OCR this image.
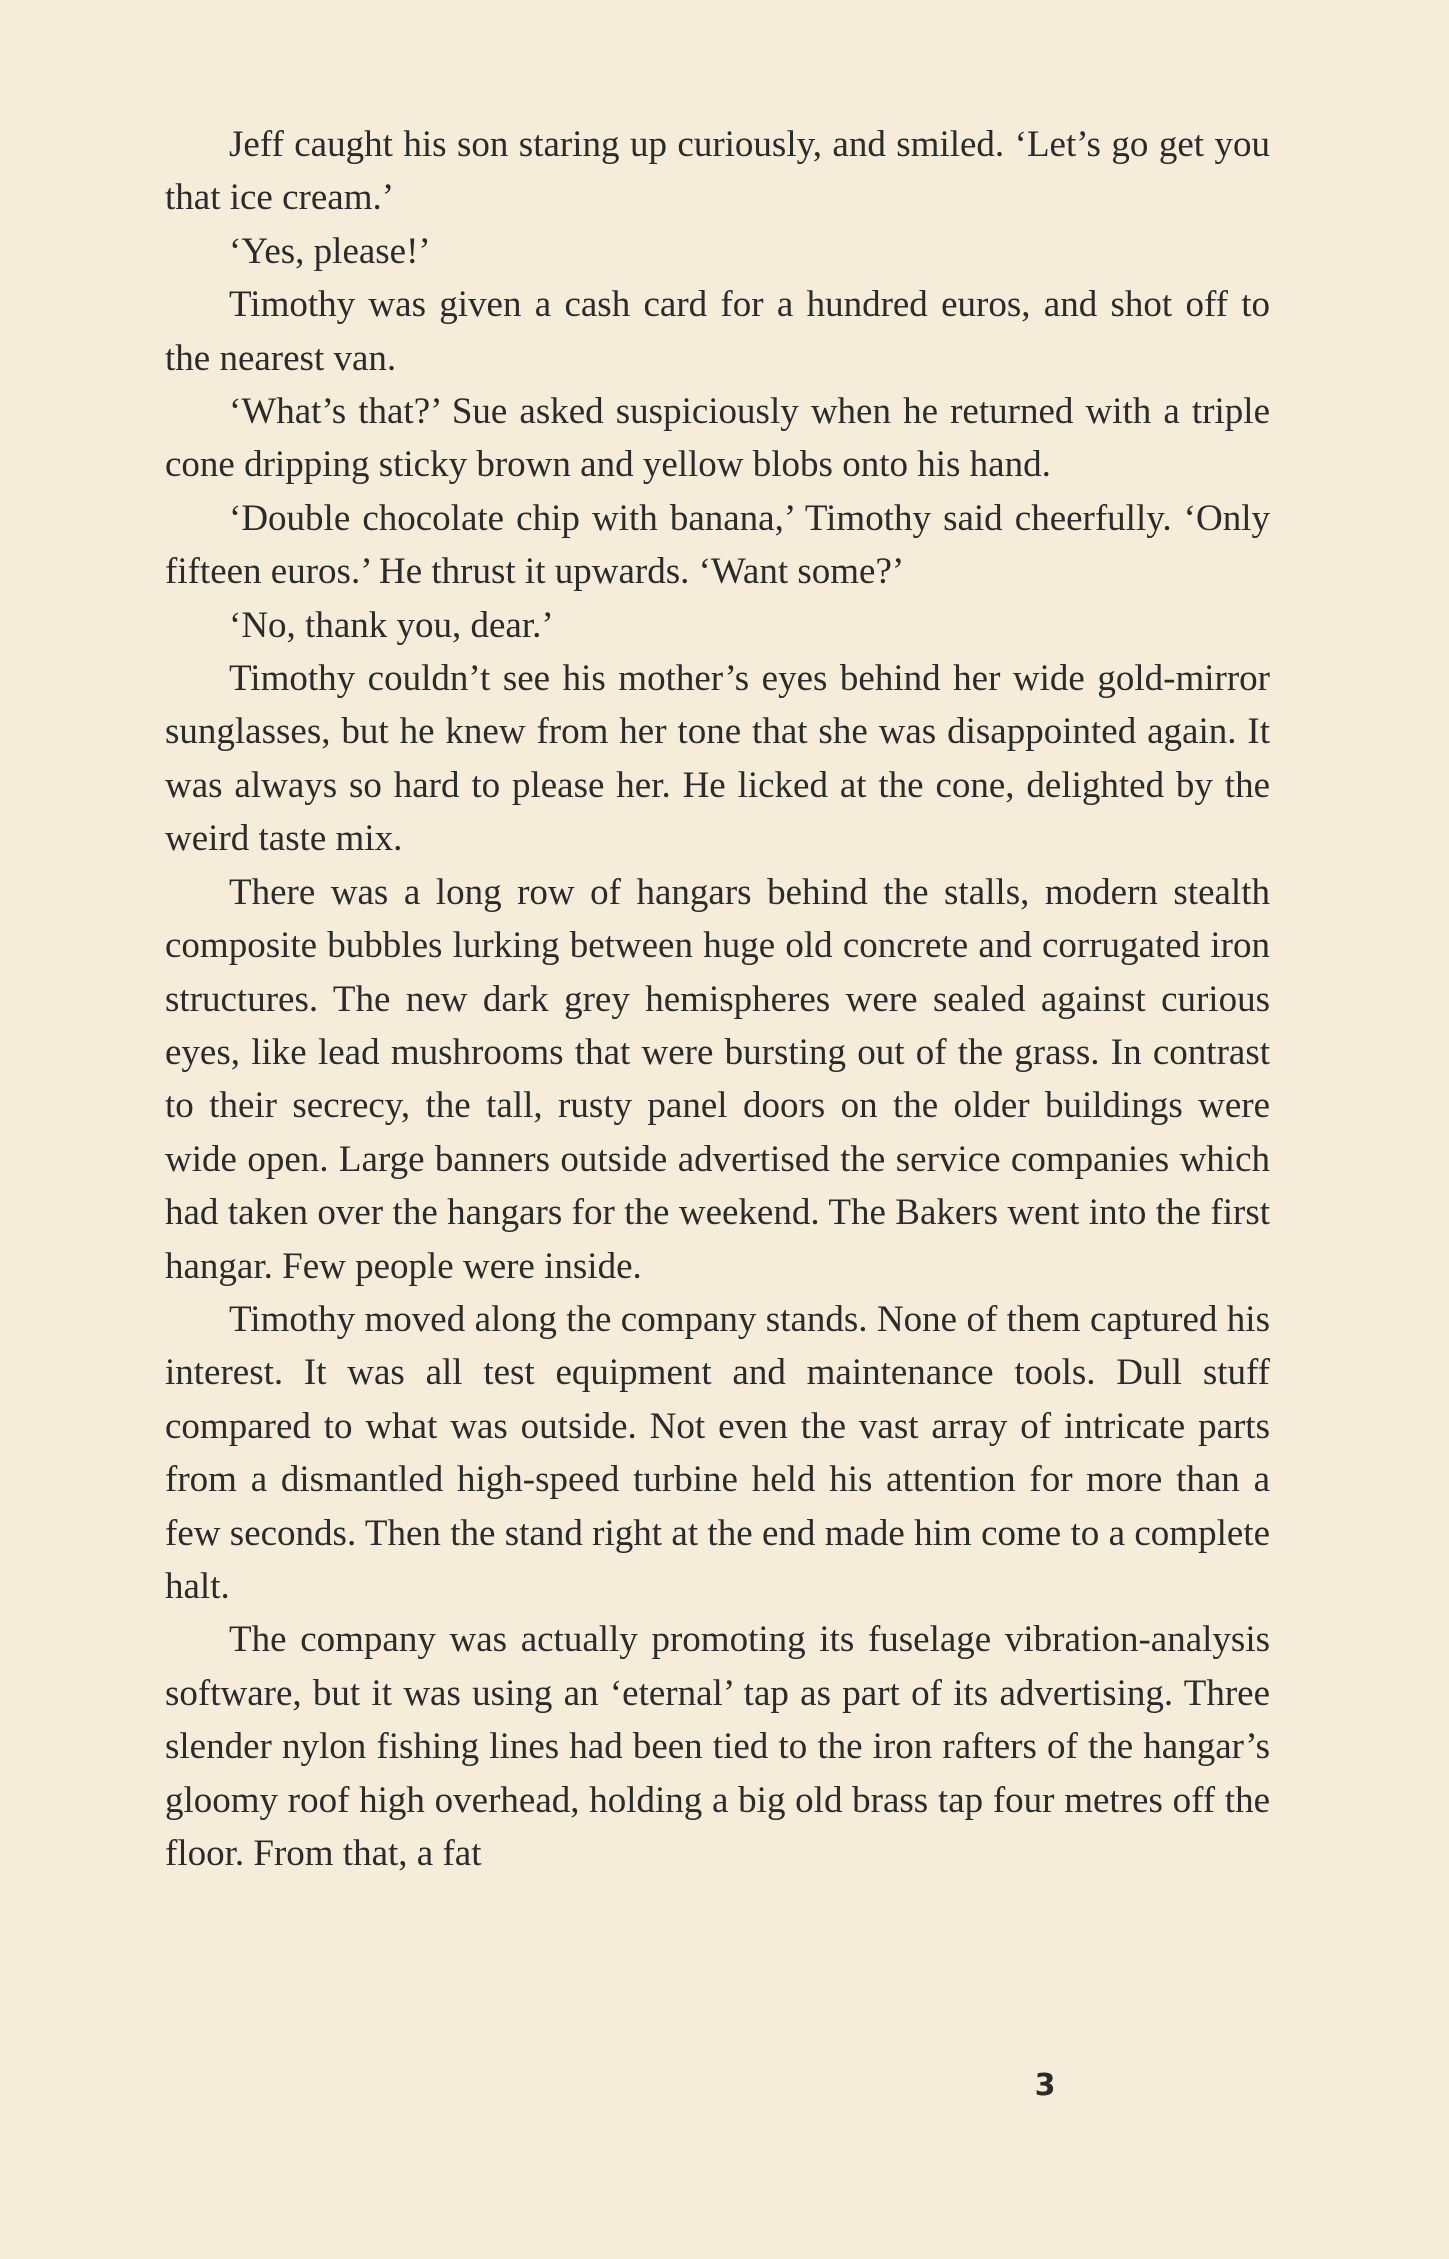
Jeff caught his son staring up curiously, and smiled. ‘Let’s go get you that ice cream.’

‘Yes, please!’

Timothy was given a cash card for a hundred euros, and shot off to the nearest van.

‘What’s that?’ Sue asked suspiciously when he returned with a triple cone dripping sticky brown and yellow blobs onto his hand.

‘Double chocolate chip with banana,’ Timothy said cheerfully. ‘Only fifteen euros.’ He thrust it upwards. ‘Want some?’

‘No, thank you, dear.’

Timothy couldn’t see his mother’s eyes behind her wide gold-mirror sunglasses, but he knew from her tone that she was disappointed again. It was always so hard to please her. He licked at the cone, delighted by the weird taste mix.

There was a long row of hangars behind the stalls, modern stealth composite bubbles lurking between huge old concrete and corrugated iron structures. The new dark grey hemispheres were sealed against curious eyes, like lead mushrooms that were bursting out of the grass. In contrast to their secrecy, the tall, rusty panel doors on the older buildings were wide open. Large banners outside advertised the service companies which had taken over the hangars for the weekend. The Bakers went into the first hangar. Few people were inside.

Timothy moved along the company stands. None of them captured his interest. It was all test equipment and maintenance tools. Dull stuff compared to what was outside. Not even the vast array of intricate parts from a dismantled high-speed turbine held his attention for more than a few seconds. Then the stand right at the end made him come to a complete halt.

The company was actually promoting its fuselage vibration-analysis software, but it was using an ‘eternal’ tap as part of its advertising. Three slender nylon fishing lines had been tied to the iron rafters of the hangar’s gloomy roof high overhead, holding a big old brass tap four metres off the floor. From that, a fat

3
